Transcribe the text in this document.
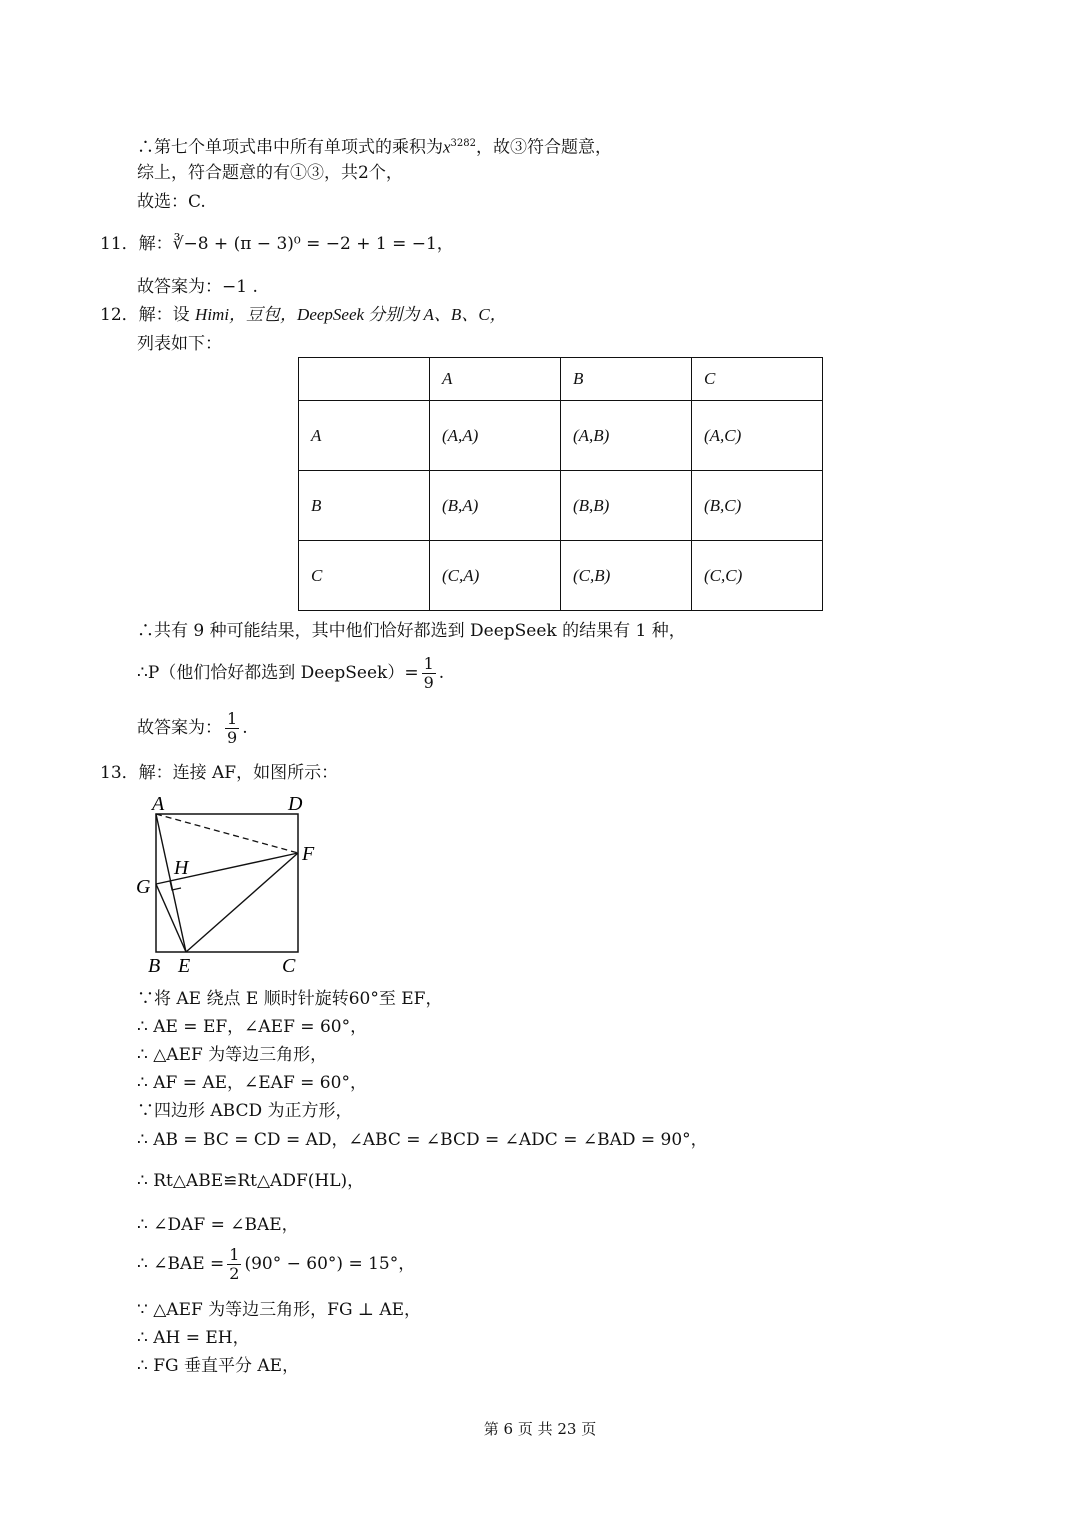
∴第七个单项式串中所有单项式的乘积为$x^{3282}$，故③符合题意，
综上，符合题意的有①③，共2个，
故选：C.
11．解：∛−8 + (π − 3)⁰ = −2 + 1 = −1，
故答案为：−1 .
12．解：设 Himi，豆包，DeepSeek 分别为 A、B、C，
列表如下：
	A	B	C
A	(A,A)	(A,B)	(A,C)
B	(B,A)	(B,B)	(B,C)
C	(C,A)	(C,B)	(C,C)
∴共有 9 种可能结果，其中他们恰好都选到 DeepSeek 的结果有 1 种，
∴P（他们恰好都选到 DeepSeek）= $\frac{1}{9}$ .
故答案为： $\frac{1}{9}$ .
13．解：连接 AF，如图所示：
A	D
F
H
G
B E	C
∵将 AE 绕点 E 顺时针旋转60°至 EF，
∴ AE = EF，∠AEF = 60°，
∴ △AEF 为等边三角形，
∴ AF = AE，∠EAF = 60°，
∵四边形 ABCD 为正方形，
∴ AB = BC = CD = AD，∠ABC = ∠BCD = ∠ADC = ∠BAD = 90°，
∴ Rt△ABE≌Rt△ADF(HL)，
∴ ∠DAF = ∠BAE，
∴ ∠BAE = $\frac{1}{2} (90^\circ - 60^\circ) = 15^\circ$，
∵ △AEF 为等边三角形，FG ⊥ AE，
∴ AH = EH，
∴ FG 垂直平分 AE，
第 6 页 共 23 页
